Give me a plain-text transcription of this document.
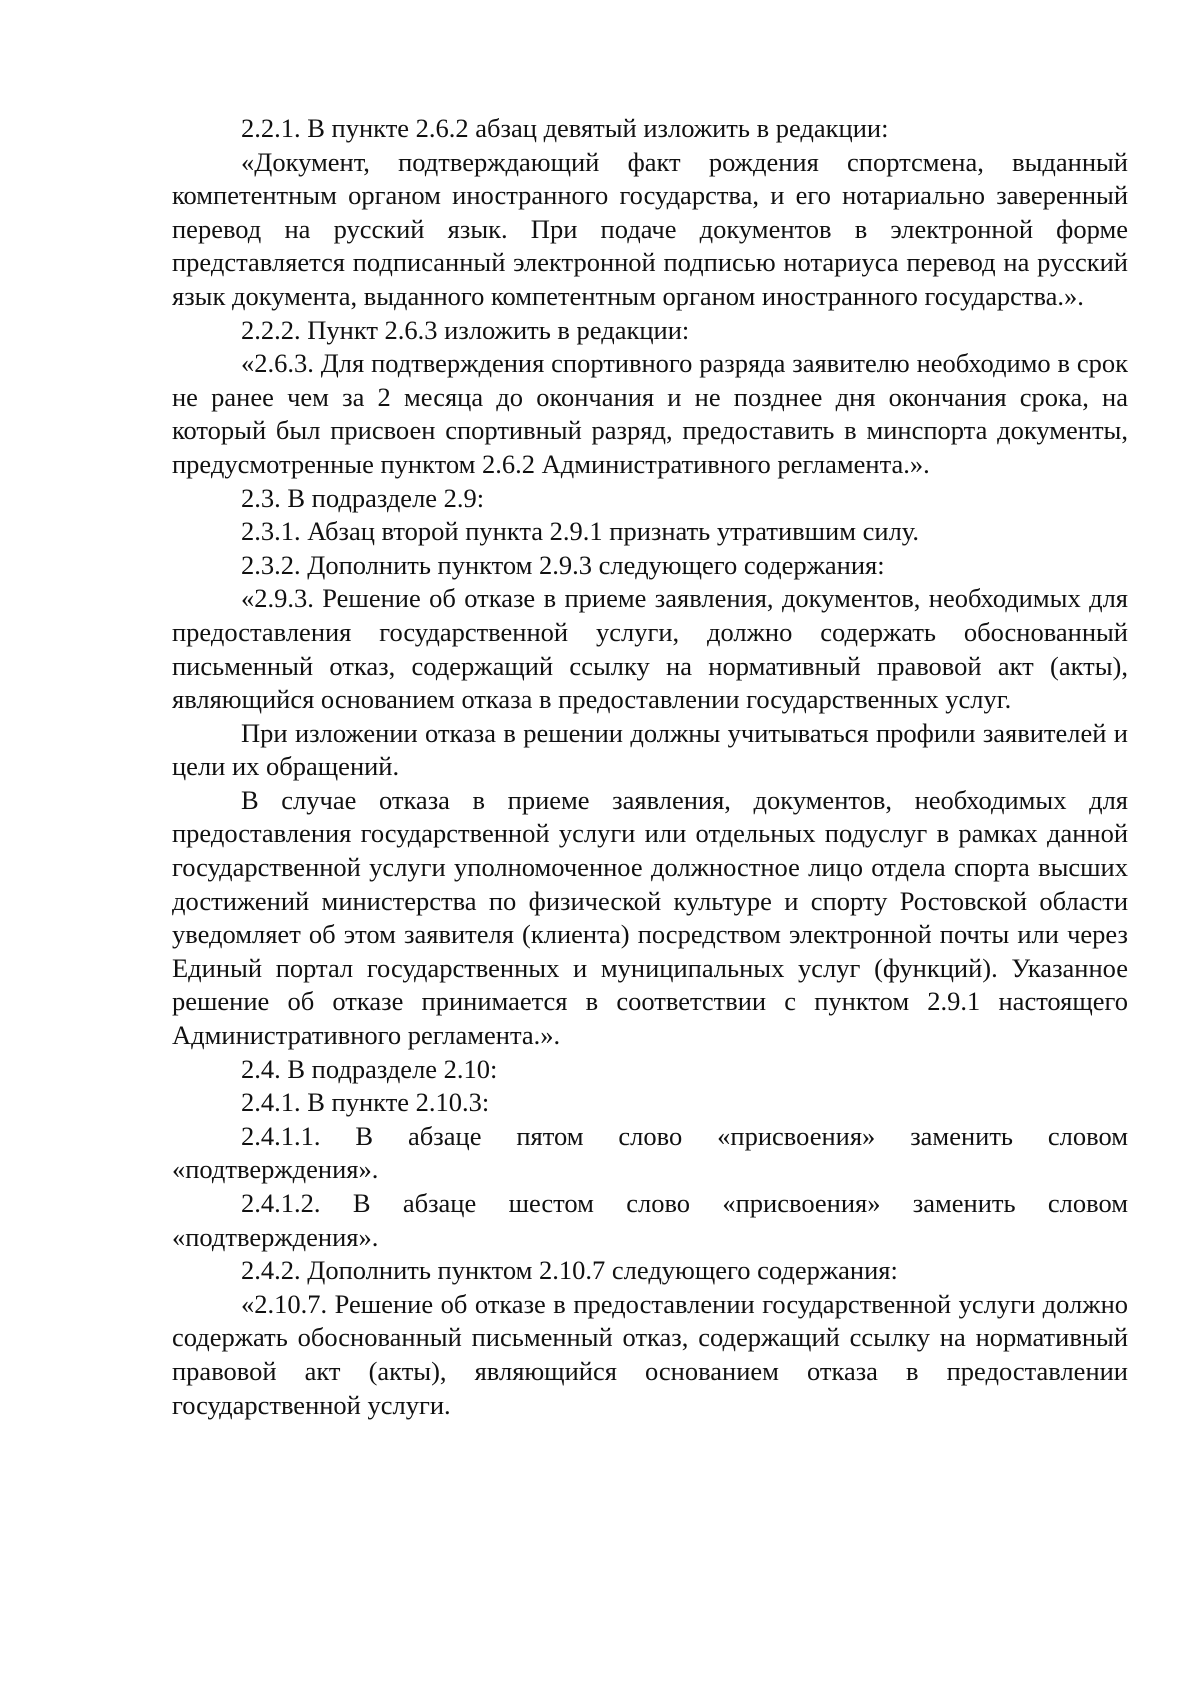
2.2.1. В пункте 2.6.2 абзац девятый изложить в редакции:

«Документ, подтверждающий факт рождения спортсмена, выданный компетентным органом иностранного государства, и его нотариально заверенный перевод на русский язык. При подаче документов в электронной форме представляется подписанный электронной подписью нотариуса перевод на русский язык документа, выданного компетентным органом иностранного государства.».

2.2.2. Пункт 2.6.3 изложить в редакции:

«2.6.3. Для подтверждения спортивного разряда заявителю необходимо в срок не ранее чем за 2 месяца до окончания и не позднее дня окончания срока, на который был присвоен спортивный разряд, предоставить в минспорта документы, предусмотренные пунктом 2.6.2 Административного регламента.».

2.3. В подразделе 2.9:

2.3.1. Абзац второй пункта 2.9.1 признать утратившим силу.

2.3.2. Дополнить пунктом 2.9.3 следующего содержания:

«2.9.3. Решение об отказе в приеме заявления, документов, необходимых для предоставления государственной услуги, должно содержать обоснованный письменный отказ, содержащий ссылку на нормативный правовой акт (акты), являющийся основанием отказа в предоставлении государственных услуг.

При изложении отказа в решении должны учитываться профили заявителей и цели их обращений.

В случае отказа в приеме заявления, документов, необходимых для предоставления государственной услуги или отдельных подуслуг в рамках данной государственной услуги уполномоченное должностное лицо отдела спорта высших достижений министерства по физической культуре и спорту Ростовской области уведомляет об этом заявителя (клиента) посредством электронной почты или через Единый портал государственных и муниципальных услуг (функций). Указанное решение об отказе принимается в соответствии с пунктом 2.9.1 настоящего Административного регламента.».

2.4. В подразделе 2.10:

2.4.1. В пункте 2.10.3:

2.4.1.1. В абзаце пятом слово «присвоения» заменить словом «подтверждения».

2.4.1.2. В абзаце шестом слово «присвоения» заменить словом «подтверждения».

2.4.2. Дополнить пунктом 2.10.7 следующего содержания:

«2.10.7. Решение об отказе в предоставлении государственной услуги должно содержать обоснованный письменный отказ, содержащий ссылку на нормативный правовой акт (акты), являющийся основанием отказа в предоставлении государственной услуги.
